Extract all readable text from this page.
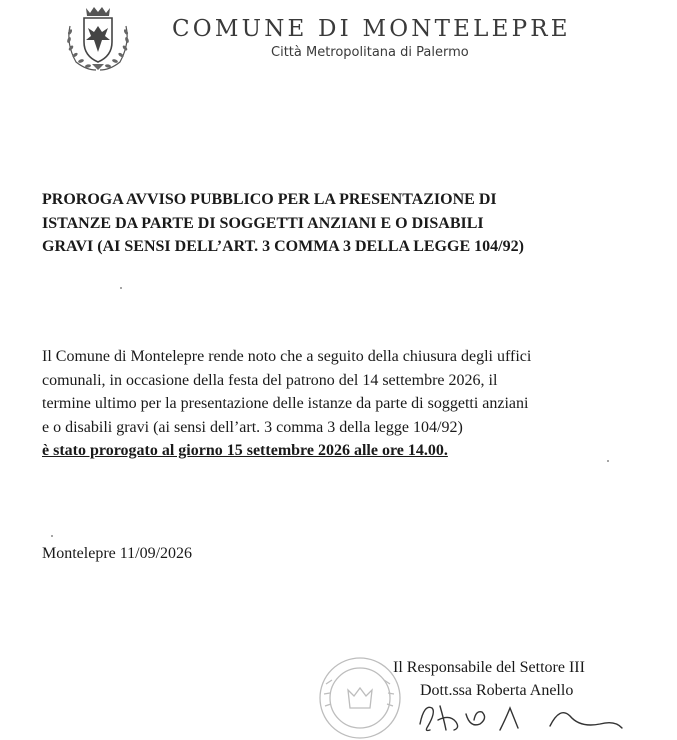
COMUNE DI MONTELEPRE

Città Metropolitana di Palermo

PROROGA AVVISO PUBBLICO PER LA PRESENTAZIONE DI
ISTANZE DA PARTE DI SOGGETTI ANZIANI E O DISABILI
GRAVI (AI SENSI DELL’ART. 3 COMMA 3 DELLA LEGGE 104/92)

Il Comune di Montelepre rende noto che a seguito della chiusura degli uffici
comunali, in occasione della festa del patrono del 14 settembre 2026, il
termine ultimo per la presentazione delle istanze da parte di soggetti anziani
e o disabili gravi (ai sensi dell’art. 3 comma 3 della legge 104/92)
è stato prorogato al giorno 15 settembre 2026 alle ore 14.00.

Montelepre 11/09/2026

Il Responsabile del Settore III

Dott.ssa Roberta Anello
